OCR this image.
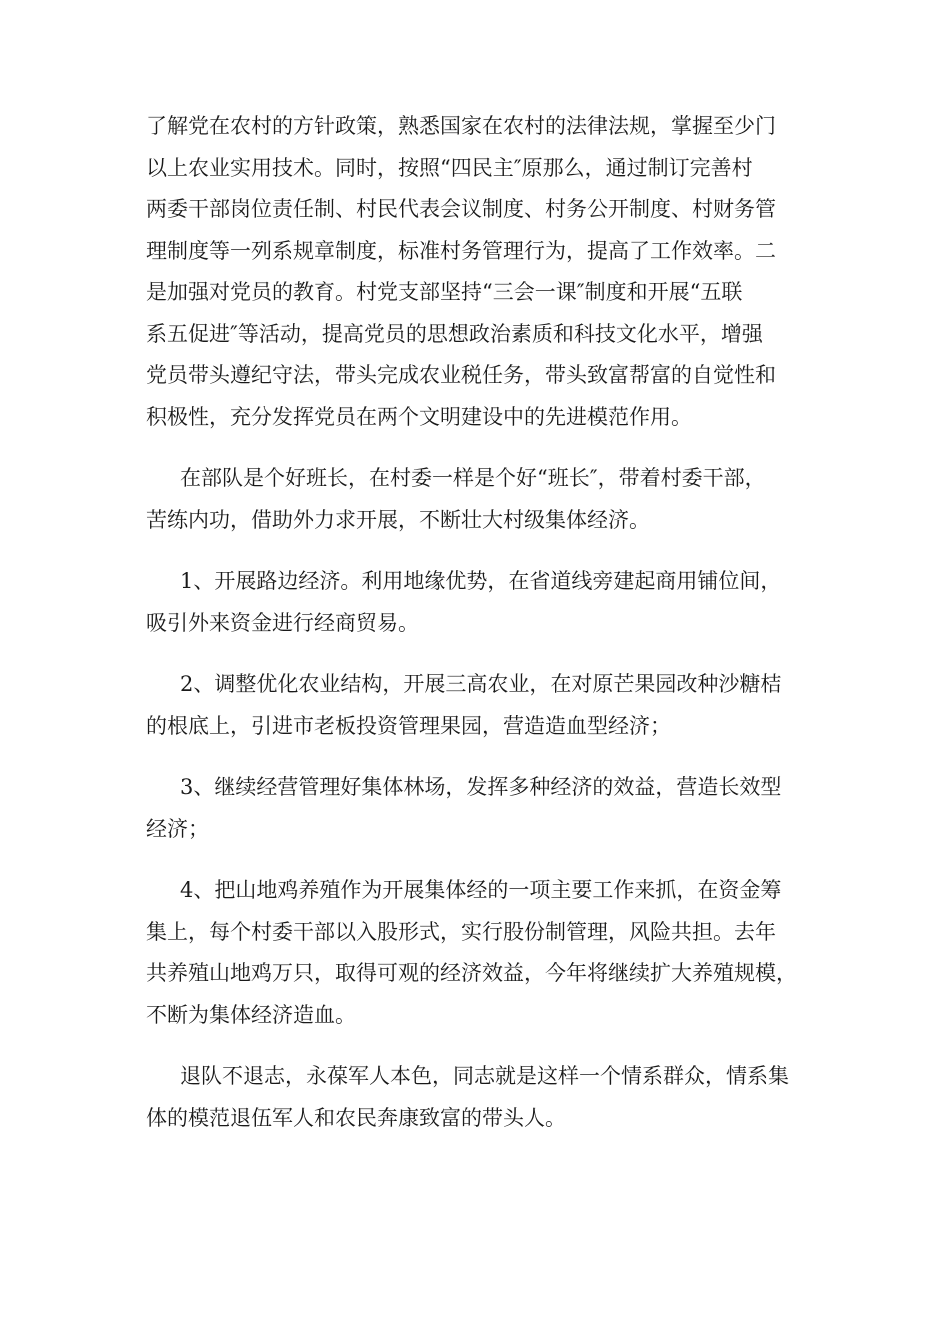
了解党在农村的方针政策，熟悉国家在农村的法律法规，掌握至少门
以上农业实用技术。同时，按照“四民主″原那么，通过制订完善村
两委干部岗位责任制、村民代表会议制度、村务公开制度、村财务管
理制度等一列系规章制度，标准村务管理行为，提高了工作效率。二
是加强对党员的教育。村党支部坚持“三会一课″制度和开展“五联
系五促进″等活动，提高党员的思想政治素质和科技文化水平，增强
党员带头遵纪守法，带头完成农业税任务，带头致富帮富的自觉性和
积极性，充分发挥党员在两个文明建设中的先进模范作用。

在部队是个好班长，在村委一样是个好“班长″，带着村委干部，
苦练内功，借助外力求开展，不断壮大村级集体经济。

1、开展路边经济。利用地缘优势，在省道线旁建起商用铺位间，
吸引外来资金进行经商贸易。

2、调整优化农业结构，开展三高农业，在对原芒果园改种沙糖桔
的根底上，引进市老板投资管理果园，营造造血型经济；

3、继续经营管理好集体林场，发挥多种经济的效益，营造长效型
经济；

4、把山地鸡养殖作为开展集体经的一项主要工作来抓，在资金筹
集上，每个村委干部以入股形式，实行股份制管理，风险共担。去年
共养殖山地鸡万只，取得可观的经济效益，今年将继续扩大养殖规模，
不断为集体经济造血。

退队不退志，永葆军人本色，同志就是这样一个情系群众，情系集
体的模范退伍军人和农民奔康致富的带头人。
